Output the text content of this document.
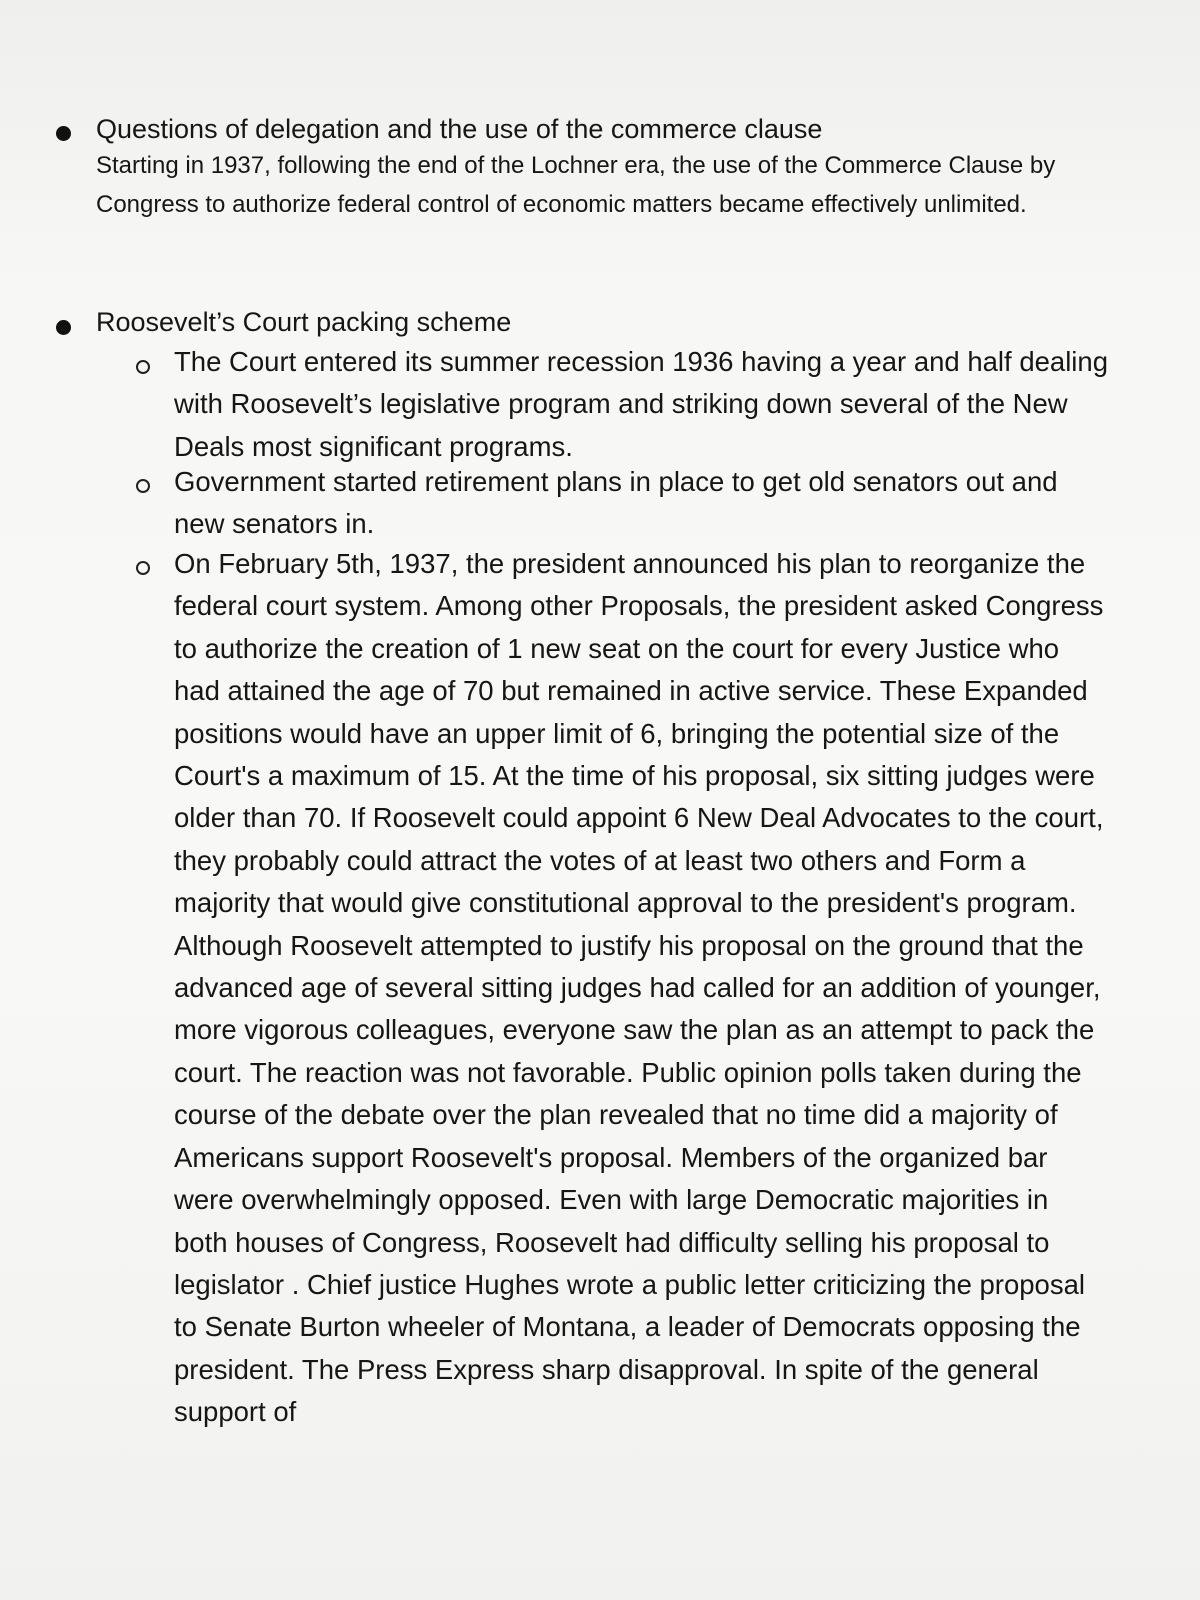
Questions of delegation and the use of the commerce clause
Starting in 1937, following the end of the Lochner era, the use of the Commerce Clause by Congress to authorize federal control of economic matters became effectively unlimited.
Roosevelt’s Court packing scheme
The Court entered its summer recession 1936 having a year and half dealing with Roosevelt’s legislative program and striking down several of the New Deals most significant programs.
Government started retirement plans in place to get old senators out and new senators in.
On February 5th, 1937, the president announced his plan to reorganize the federal court system. Among other Proposals, the president asked Congress to authorize the creation of 1 new seat on the court for every Justice who had attained the age of 70 but remained in active service. These Expanded positions would have an upper limit of 6, bringing the potential size of the Court's a maximum of 15. At the time of his proposal, six sitting judges were older than 70. If Roosevelt could appoint 6 New Deal Advocates to the court, they probably could attract the votes of at least two others and Form a majority that would give constitutional approval to the president's program. Although Roosevelt attempted to justify his proposal on the ground that the advanced age of several sitting judges had called for an addition of younger, more vigorous colleagues, everyone saw the plan as an attempt to pack the court. The reaction was not favorable. Public opinion polls taken during the course of the debate over the plan revealed that no time did a majority of Americans support Roosevelt's proposal. Members of the organized bar were overwhelmingly opposed. Even with large Democratic majorities in both houses of Congress, Roosevelt had difficulty selling his proposal to legislator . Chief justice Hughes wrote a public letter criticizing the proposal to Senate Burton wheeler of Montana, a leader of Democrats opposing the president. The Press Express sharp disapproval. In spite of the general support of
